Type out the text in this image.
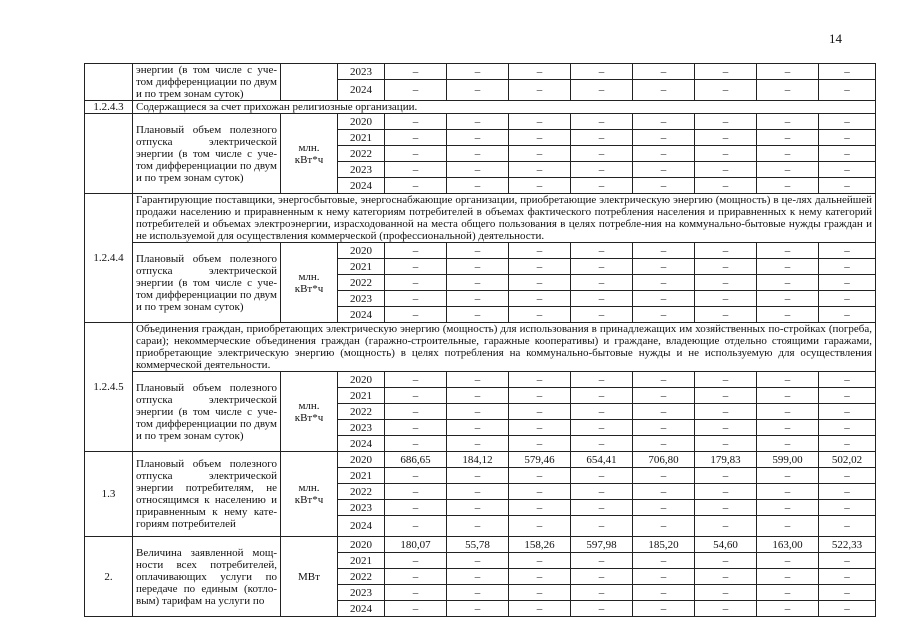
14
	энергии (в том числе с уче-том дифференциации по двум и по трем зонам суток)		2023	–	–	–	–	–	–	–	–
			2024	–	–	–	–	–	–	–	–
1.2.4.3	Содержащиеся за счет прихожан религиозные организации.										
	Плановый объем полезного отпуска электрической энергии (в том числе с уче-том дифференциации по двум и по трем зонам суток)	млн. кВт*ч	2020	–	–	–	–	–	–	–	–
			2021	–	–	–	–	–	–	–	–
			2022	–	–	–	–	–	–	–	–
			2023	–	–	–	–	–	–	–	–
			2024	–	–	–	–	–	–	–	–
1.2.4.4	Гарантирующие поставщики, энергосбытовые, энергоснабжающие организации, приобретающие электрическую энергию (мощность) в це-лях дальнейшей продажи населению и приравненным к нему категориям потребителей в объемах фактического потребления населения и приравненных к нему категорий потребителей и объемах электроэнергии, израсходованной на места общего пользования в целях потребле-ния на коммунально-бытовые нужды граждан и не используемой для осуществления коммерческой (профессиональной) деятельности.										
	Плановый объем полезного отпуска электрической энергии (в том числе с уче-том дифференциации по двум и по трем зонам суток)	млн. кВт*ч	2020	–	–	–	–	–	–	–	–
			2021	–	–	–	–	–	–	–	–
			2022	–	–	–	–	–	–	–	–
			2023	–	–	–	–	–	–	–	–
			2024	–	–	–	–	–	–	–	–
1.2.4.5	Объединения граждан, приобретающих электрическую энергию (мощность) для использования в принадлежащих им хозяйственных по-стройках (погреба, сараи); некоммерческие объединения граждан (гаражно-строительные, гаражные кооперативы) и граждане, владеющие отдельно стоящими гаражами, приобретающие электрическую энергию (мощность) в целях потребления на коммунально-бытовые нужды и не используемую для осуществления коммерческой деятельности.										
	Плановый объем полезного отпуска электрической энергии (в том числе с уче-том дифференциации по двум и по трем зонам суток)	млн. кВт*ч	2020	–	–	–	–	–	–	–	–
			2021	–	–	–	–	–	–	–	–
			2022	–	–	–	–	–	–	–	–
			2023	–	–	–	–	–	–	–	–
			2024	–	–	–	–	–	–	–	–
1.3	Плановый объем полезного отпуска электрической энергии потребителям, не относящимся к населению и приравненным к нему кате-гориям потребителей	млн. кВт*ч	2020	686,65	184,12	579,46	654,41	706,80	179,83	599,00	502,02
			2021	–	–	–	–	–	–	–	–
			2022	–	–	–	–	–	–	–	–
			2023	–	–	–	–	–	–	–	–
			2024	–	–	–	–	–	–	–	–
2.	Величина заявленной мощ-ности всех потребителей, оплачивающих услуги по передаче по единым (котло-вым) тарифам на услуги по	МВт	2020	180,07	55,78	158,26	597,98	185,20	54,60	163,00	522,33
			2021	–	–	–	–	–	–	–	–
			2022	–	–	–	–	–	–	–	–
			2023	–	–	–	–	–	–	–	–
			2024	–	–	–	–	–	–	–	–
